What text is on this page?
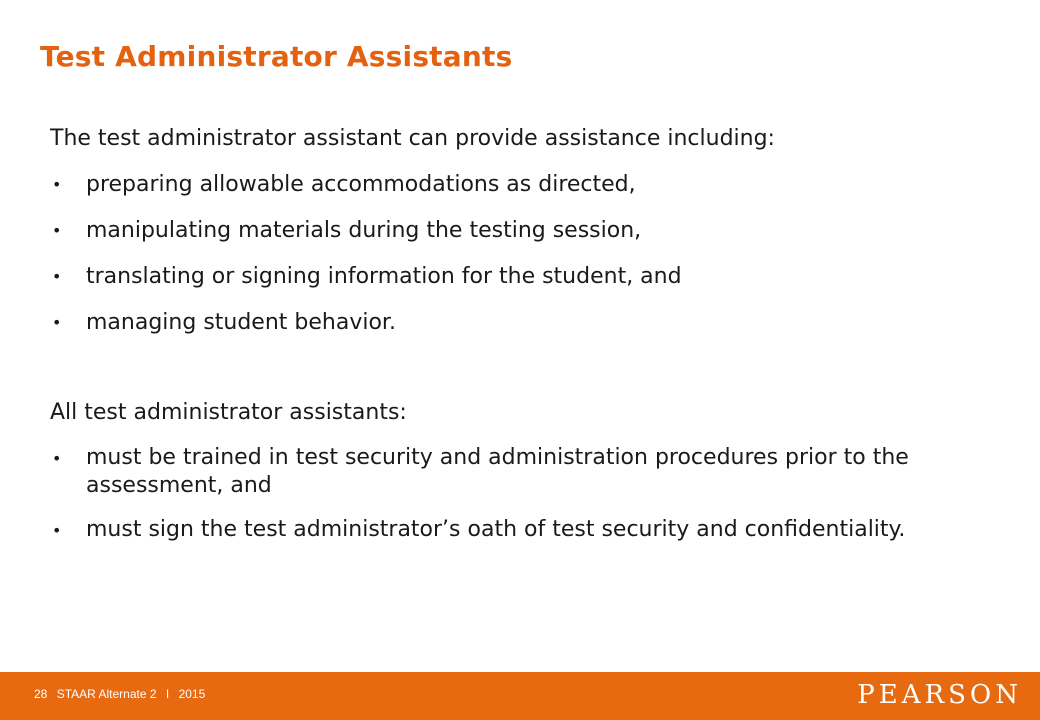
Test Administrator Assistants

The test administrator assistant can provide assistance including:

• preparing allowable accommodations as directed,
• manipulating materials during the testing session,
• translating or signing information for the student, and
• managing student behavior.

All test administrator assistants:

• must be trained in test security and administration procedures prior to the assessment, and
• must sign the test administrator’s oath of test security and confidentiality.
28 STAAR Alternate 2 I 2015	PEARSON
